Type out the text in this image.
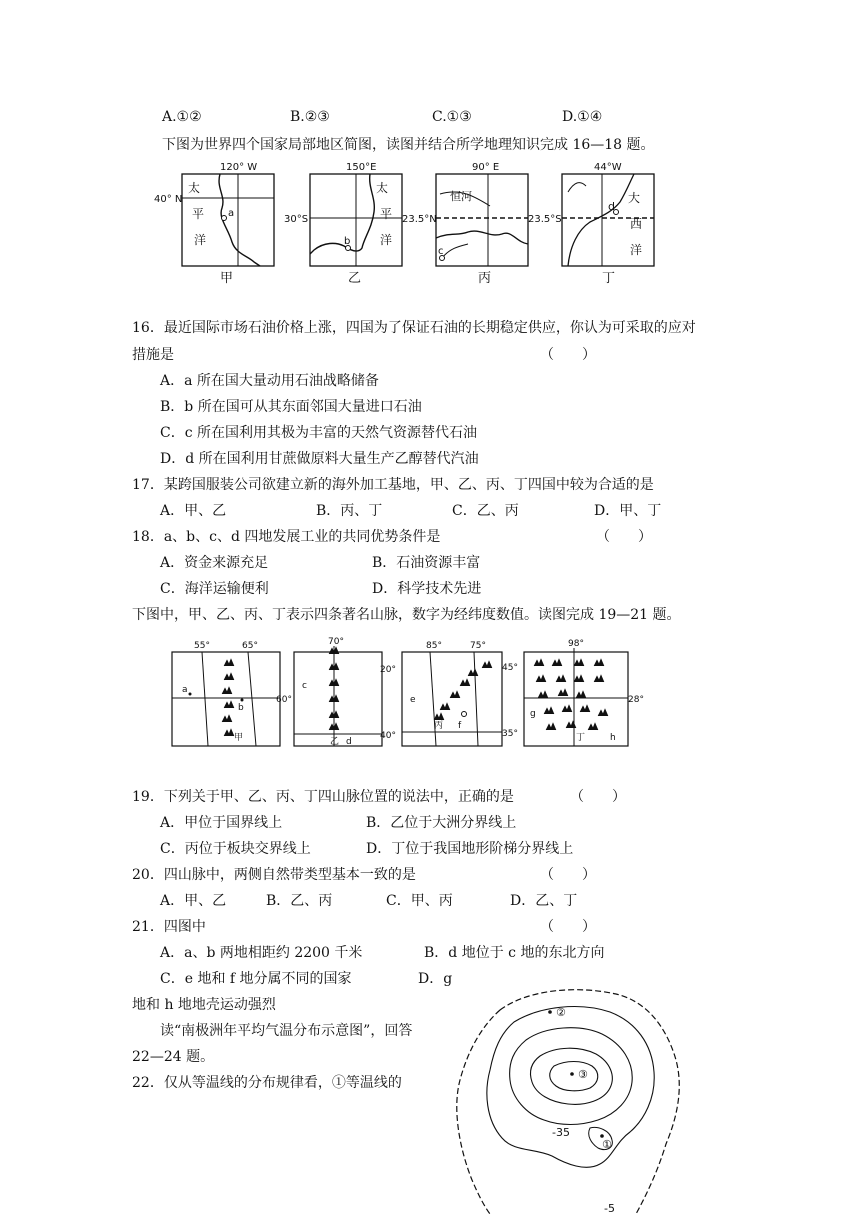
A.①②	B.②③	C.①③	D.①④
下图为世界四个国家局部地区简图，读图并结合所学地理知识完成 16—18 题。
120° W
40° N
太
平
洋
a
甲
150°E
30°S
太
平
洋
b
乙
90° E
23.5°N
恒河
c
丙
44°W
23.5°S
大
西
洋
d
丁
16．最近国际市场石油价格上涨，四国为了保证石油的长期稳定供应，你认为可采取的应对
措施是	（　　）
A．a 所在国大量动用石油战略储备
B．b 所在国可从其东面邻国大量进口石油
C．c 所在国利用其极为丰富的天然气资源替代石油
D．d 所在国利用甘蔗做原料大量生产乙醇替代汽油
17．某跨国服装公司欲建立新的海外加工基地，甲、乙、丙、丁四国中较为合适的是
A．甲、乙	B．丙、丁	C．乙、丙	D．甲、丁
18．a、b、c、d 四地发展工业的共同优势条件是	（　　）
A．资金来源充足	B．石油资源丰富
C．海洋运输便利	D．科学技术先进
下图中，甲、乙、丙、丁表示四条著名山脉，数字为经纬度数值。读图完成 19—21 题。
55°	65°
60°
a
b
甲
70°
20°
40°
c
d
乙
85°	75°
45°
35°
e
f
丙
98°
28°
g
h
丁
19．下列关于甲、乙、丙、丁四山脉位置的说法中，正确的是	（　　）
A．甲位于国界线上	B．乙位于大洲分界线上
C．丙位于板块交界线上	D．丁位于我国地形阶梯分界线上
20．四山脉中，两侧自然带类型基本一致的是	（　　）
A．甲、乙	B．乙、丙	C．甲、丙	D．乙、丁
21．四图中	（　　）
A．a、b 两地相距约 2200 千米	B．d 地位于 c 地的东北方向
C．e 地和 f 地分属不同的国家	D．g
地和 h 地地壳运动强烈
读“南极洲年平均气温分布示意图”，回答
22—24 题。
22．仅从等温线的分布规律看，①等温线的
②
③
①
-35
-5
